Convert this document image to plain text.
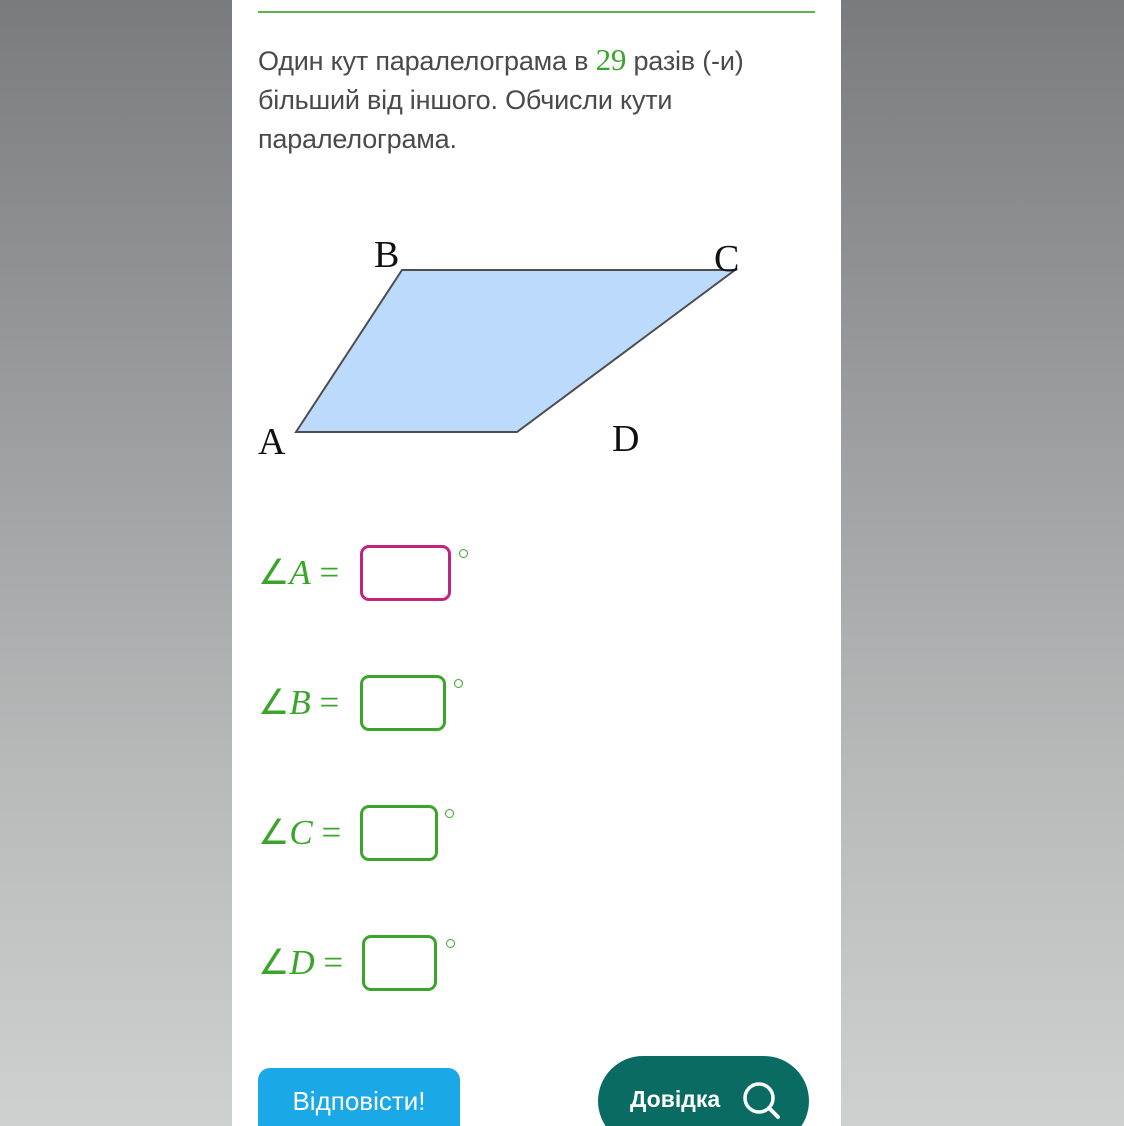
Один кут паралелограма в 29 разів (-и) більший від іншого. Обчисли кути паралелограма.
A
B	C
D
∠A =
∠B =
∠C =
∠D =
Відповісти!	Довідка
